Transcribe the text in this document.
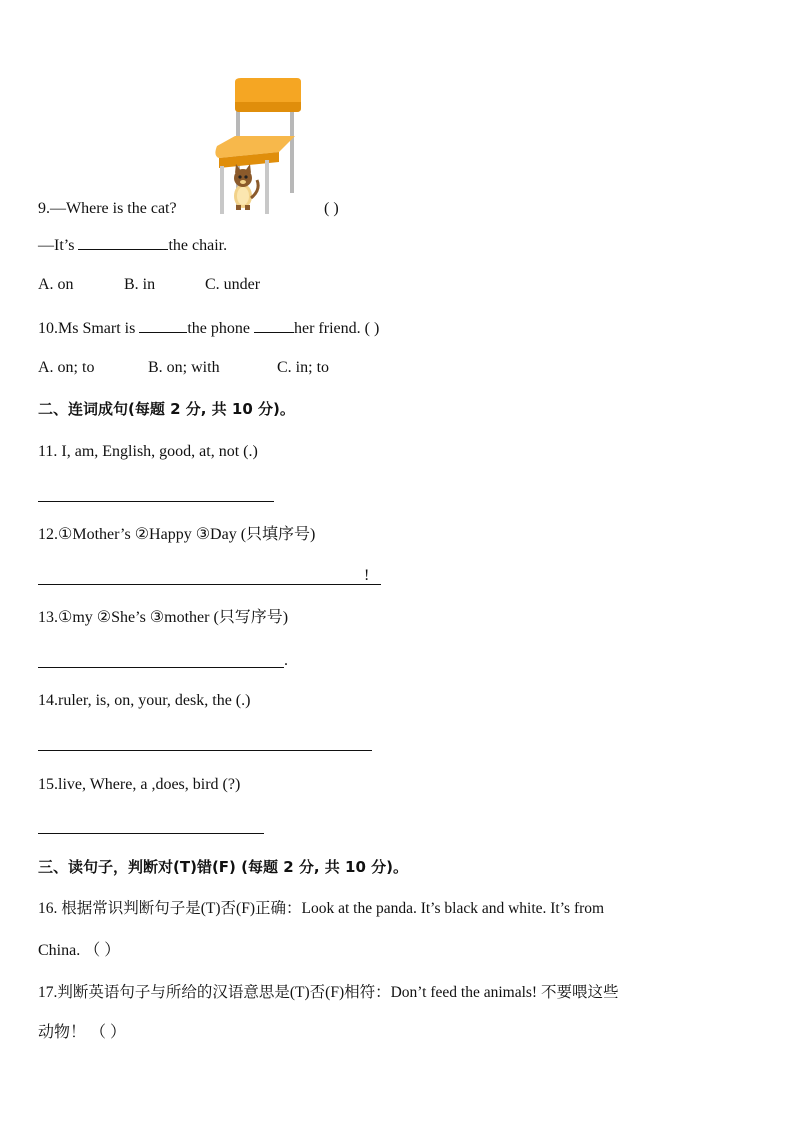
9.—Where is the cat?	( )
—It’s	the chair.
A. on	B. in	C. under
10.Ms Smart is	the phone	her friend. ( )
A. on; to	B. on; with	C. in; to
二、连词成句(每题 2 分, 共 10 分)。
11. I, am, English, good, at, not (.)
12.①Mother’s ②Happy ③Day (只填序号)
!
13.①my ②She’s ③mother (只写序号)
.
14.ruler, is, on, your, desk, the (.)
15.live, Where, a ,does, bird (?)
三、读句子，判断对(T)错(F) (每题 2 分, 共 10 分)。
16. 根据常识判断句子是(T)否(F)正确：Look at the panda. It’s black and white. It’s from
China. （ ）
17.判断英语句子与所给的汉语意思是(T)否(F)相符：Don’t feed the animals! 不要喂这些
动物！ （ ）
